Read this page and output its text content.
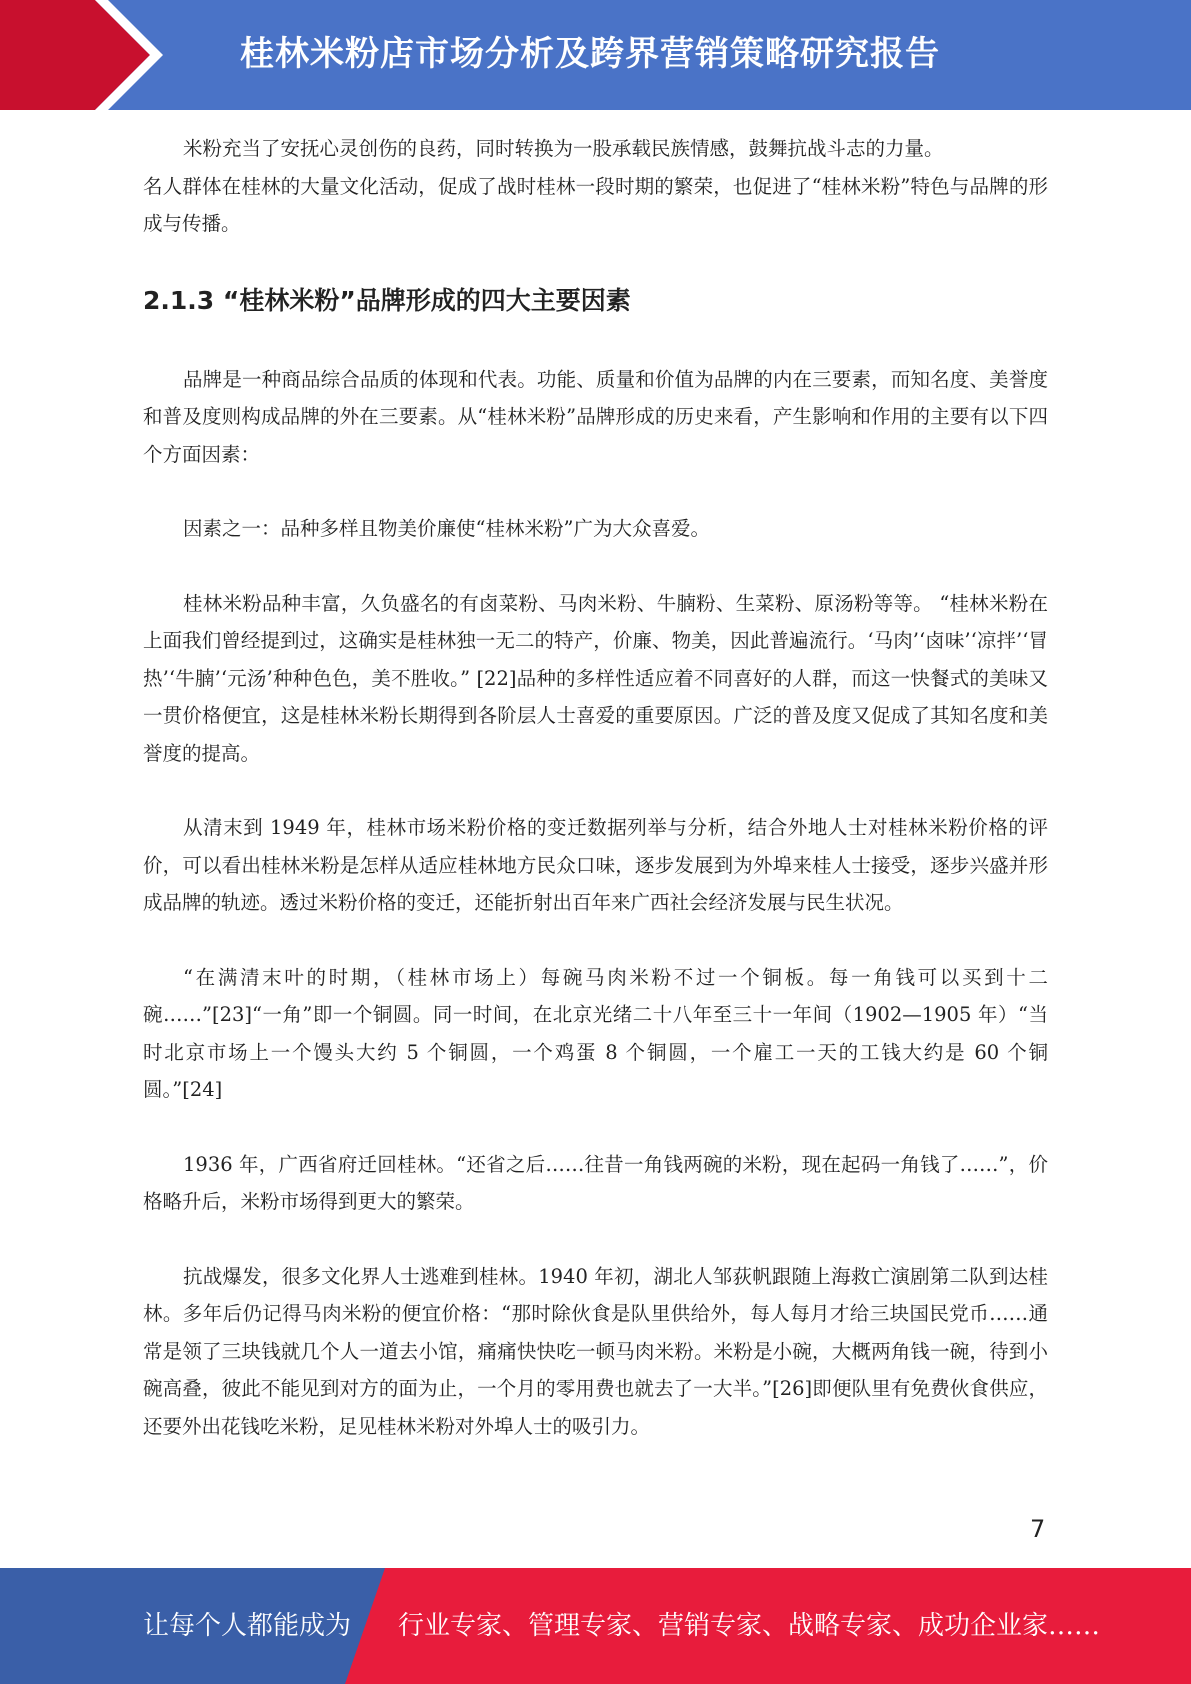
桂林米粉店市场分析及跨界营销策略研究报告

米粉充当了安抚心灵创伤的良药，同时转换为一股承载民族情感，鼓舞抗战斗志的力量。

名人群体在桂林的大量文化活动，促成了战时桂林一段时期的繁荣，也促进了“桂林米粉”特色与品牌的形成与传播。

2.1.3 “桂林米粉”品牌形成的四大主要因素

品牌是一种商品综合品质的体现和代表。功能、质量和价值为品牌的内在三要素，而知名度、美誉度和普及度则构成品牌的外在三要素。从“桂林米粉”品牌形成的历史来看，产生影响和作用的主要有以下四个方面因素：

因素之一：品种多样且物美价廉使“桂林米粉”广为大众喜爱。

桂林米粉品种丰富，久负盛名的有卤菜粉、马肉米粉、牛腩粉、生菜粉、原汤粉等等。 “桂林米粉在上面我们曾经提到过，这确实是桂林独一无二的特产，价廉、物美，因此普遍流行。‘马肉’‘卤味’‘凉拌’‘冒热’‘牛腩’‘元汤’种种色色，美不胜收。” [22]品种的多样性适应着不同喜好的人群，而这一快餐式的美味又一贯价格便宜，这是桂林米粉长期得到各阶层人士喜爱的重要原因。广泛的普及度又促成了其知名度和美誉度的提高。

从清末到 1949 年，桂林市场米粉价格的变迁数据列举与分析，结合外地人士对桂林米粉价格的评价，可以看出桂林米粉是怎样从适应桂林地方民众口味，逐步发展到为外埠来桂人士接受，逐步兴盛并形成品牌的轨迹。透过米粉价格的变迁，还能折射出百年来广西社会经济发展与民生状况。

“在满清末叶的时期，（桂林市场上）每碗马肉米粉不过一个铜板。每一角钱可以买到十二碗……”[23]“一角”即一个铜圆。同一时间，在北京光绪二十八年至三十一年间（1902—1905 年）“当时北京市场上一个馒头大约 5 个铜圆，一个鸡蛋 8 个铜圆，一个雇工一天的工钱大约是 60 个铜圆。”[24]

1936 年，广西省府迁回桂林。“还省之后……往昔一角钱两碗的米粉，现在起码一角钱了……”，价格略升后，米粉市场得到更大的繁荣。

抗战爆发，很多文化界人士逃难到桂林。1940 年初，湖北人邹荻帆跟随上海救亡演剧第二队到达桂林。多年后仍记得马肉米粉的便宜价格：“那时除伙食是队里供给外，每人每月才给三块国民党币……通常是领了三块钱就几个人一道去小馆，痛痛快快吃一顿马肉米粉。米粉是小碗，大概两角钱一碗，待到小碗高叠，彼此不能见到对方的面为止，一个月的零用费也就去了一大半。”[26]即便队里有免费伙食供应，还要外出花钱吃米粉，足见桂林米粉对外埠人士的吸引力。

7
让每个人都能成为 行业专家、管理专家、营销专家、战略专家、成功企业家……
